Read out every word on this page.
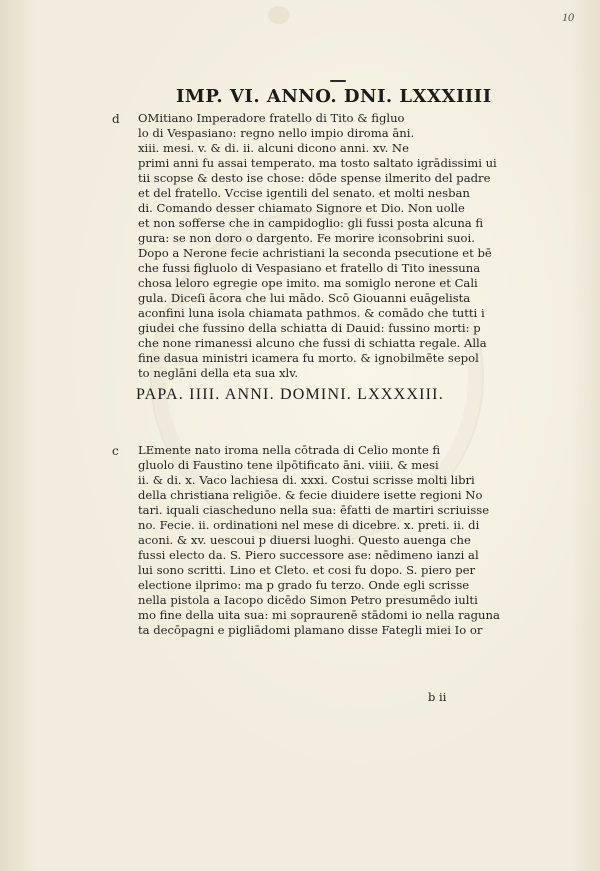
10
IMP. VI. ANNO. DNI. LXXXIIII
d OMitiano Imperadore fratello di Tito & figluo
lo di Vespasiano: regno nello impio diroma āni.
xiii. mesi. v. & di. ii. alcuni dicono anni. xv. Ne
primi anni fu assai temperato. ma tosto saltato igrādissimi ui
tii scopse & desto ise chose: dōde spense ilmerito del padre
et del fratello. Vccise igentili del senato. et molti nesban
di. Comando desser chiamato Signore et Dio. Non uolle
et non sofferse che in campidoglio: gli fussi posta alcuna fi
gura: se non doro o dargento. Fe morire iconsobrini suoi.
Dopo a Nerone fecie achristiani la seconda psecutione et bē
che fussi figluolo di Vespasiano et fratello di Tito inessuna
chosa leloro egregie ope imito. ma somiglo nerone et Cali
gula. Diceſi ācora che lui mādo. Scō Giouanni euāgelista
aconfini luna isola chiamata pathmos. & comādo che tutti i
giudei che fussino della schiatta di Dauid: fussino morti: p
che none rimanessi alcuno che fussi di schiatta regale. Alla
fine dasua ministri icamera fu morto. & ignobilmēte sepol
to neglāni della eta sua xlv.
PAPA. IIII. ANNI. DOMINI. LXXXXIII.
c LEmente nato iroma nella cōtrada di Celio monte fi
gluolo di Faustino tene ilpōtificato āni. viiii. & mesi
ii. & di. x. Vaco lachiesa di. xxxi. Costui scrisse molti libri
della christiana religiōe. & fecie diuidere isette regioni No
tari. iquali ciascheduno nella sua: ēfatti de martiri scriuisse
no. Fecie. ii. ordinationi nel mese di dicebre. x. preti. ii. di
aconi. & xv. uescoui p diuersi luoghi. Questo auenga che
fussi electo da. S. Piero successore ase: nēdimeno ianzi al
lui sono scritti. Lino et Cleto. et cosi fu dopo. S. piero per
electione ilprimo: ma p grado fu terzo. Onde egli scrisse
nella pistola a Iacopo dicēdo Simon Petro presumēdo iulti
mo fine della uita sua: mi sopraurenē stādomi io nella raguna
ta decōpagni e pigliādomi plamano disse Fategli miei Io or
b ii
